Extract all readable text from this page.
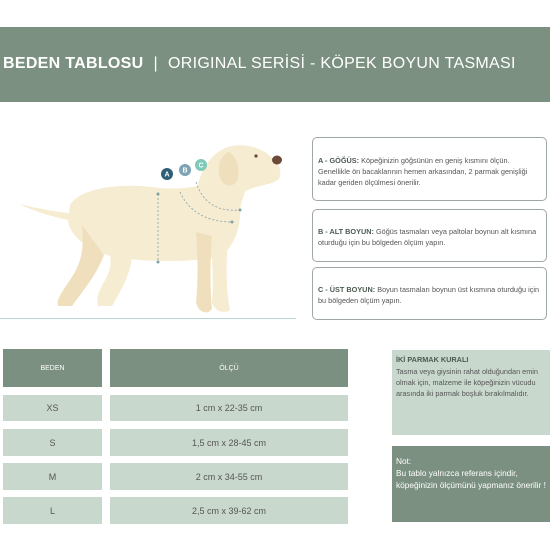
BEDEN TABLOSU | ORIGINAL SERİSİ - KÖPEK BOYUN TASMASI
A
B
C
A - GÖĞÜS: Köpeğinizin göğsünün en geniş kısmını ölçün. Genellikle ön bacaklarının hemen arkasından, 2 parmak genişliği kadar geriden ölçülmesi önerilir.
B - ALT BOYUN: Göğüs tasmaları veya paltolar boynun alt kısmına oturduğu için bu bölgeden ölçüm yapın.
C - ÜST BOYUN: Boyun tasmaları boynun üst kısmına oturduğu için bu bölgeden ölçüm yapın.
BEDEN	ÖLÇÜ
XS	1 cm x 22-35 cm
S	1,5 cm x 28-45 cm
M	2 cm x 34-55 cm
L	2,5 cm x 39-62 cm
İKİ PARMAK KURALI
Tasma veya giysinin rahat olduğundan emin olmak için, malzeme ile köpeğinizin vücudu arasında iki parmak boşluk bırakılmalıdır.
Not:
Bu tablo yalnızca referans içindir, köpeğinizin ölçümünü yapmanız önerilir !
